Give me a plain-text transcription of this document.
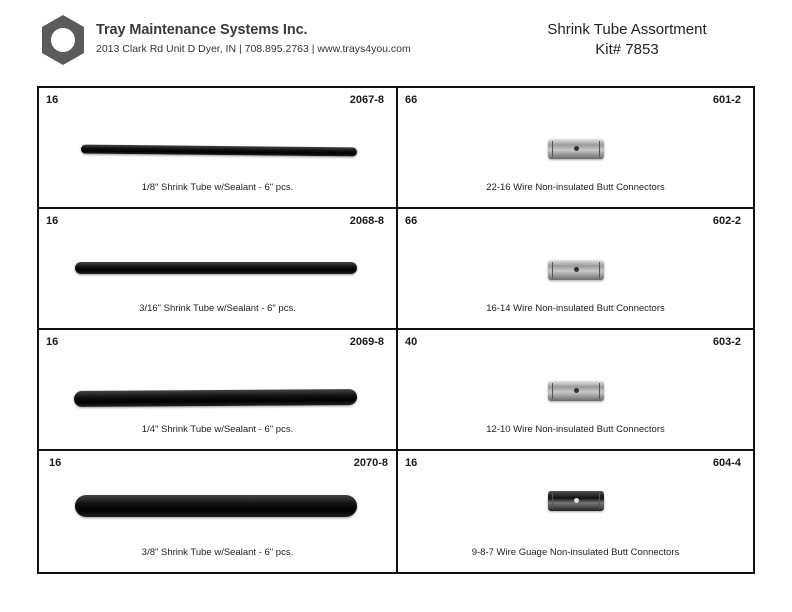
Tray Maintenance Systems Inc.
2013 Clark Rd Unit D Dyer, IN | 708.895.2763 | www.trays4you.com
Shrink Tube Assortment
Kit# 7853
16	2067-8
1/8" Shrink Tube w/Sealant - 6" pcs.
66	601-2
22-16 Wire Non-insulated Butt Connectors
16	2068-8
3/16" Shrink Tube w/Sealant - 6" pcs.
66	602-2
16-14 Wire Non-insulated Butt Connectors
16	2069-8
1/4" Shrink Tube w/Sealant - 6" pcs.
40	603-2
12-10 Wire Non-insulated Butt Connectors
16	2070-8
3/8" Shrink Tube w/Sealant - 6" pcs.
16	604-4
9-8-7 Wire Guage Non-insulated Butt Connectors
